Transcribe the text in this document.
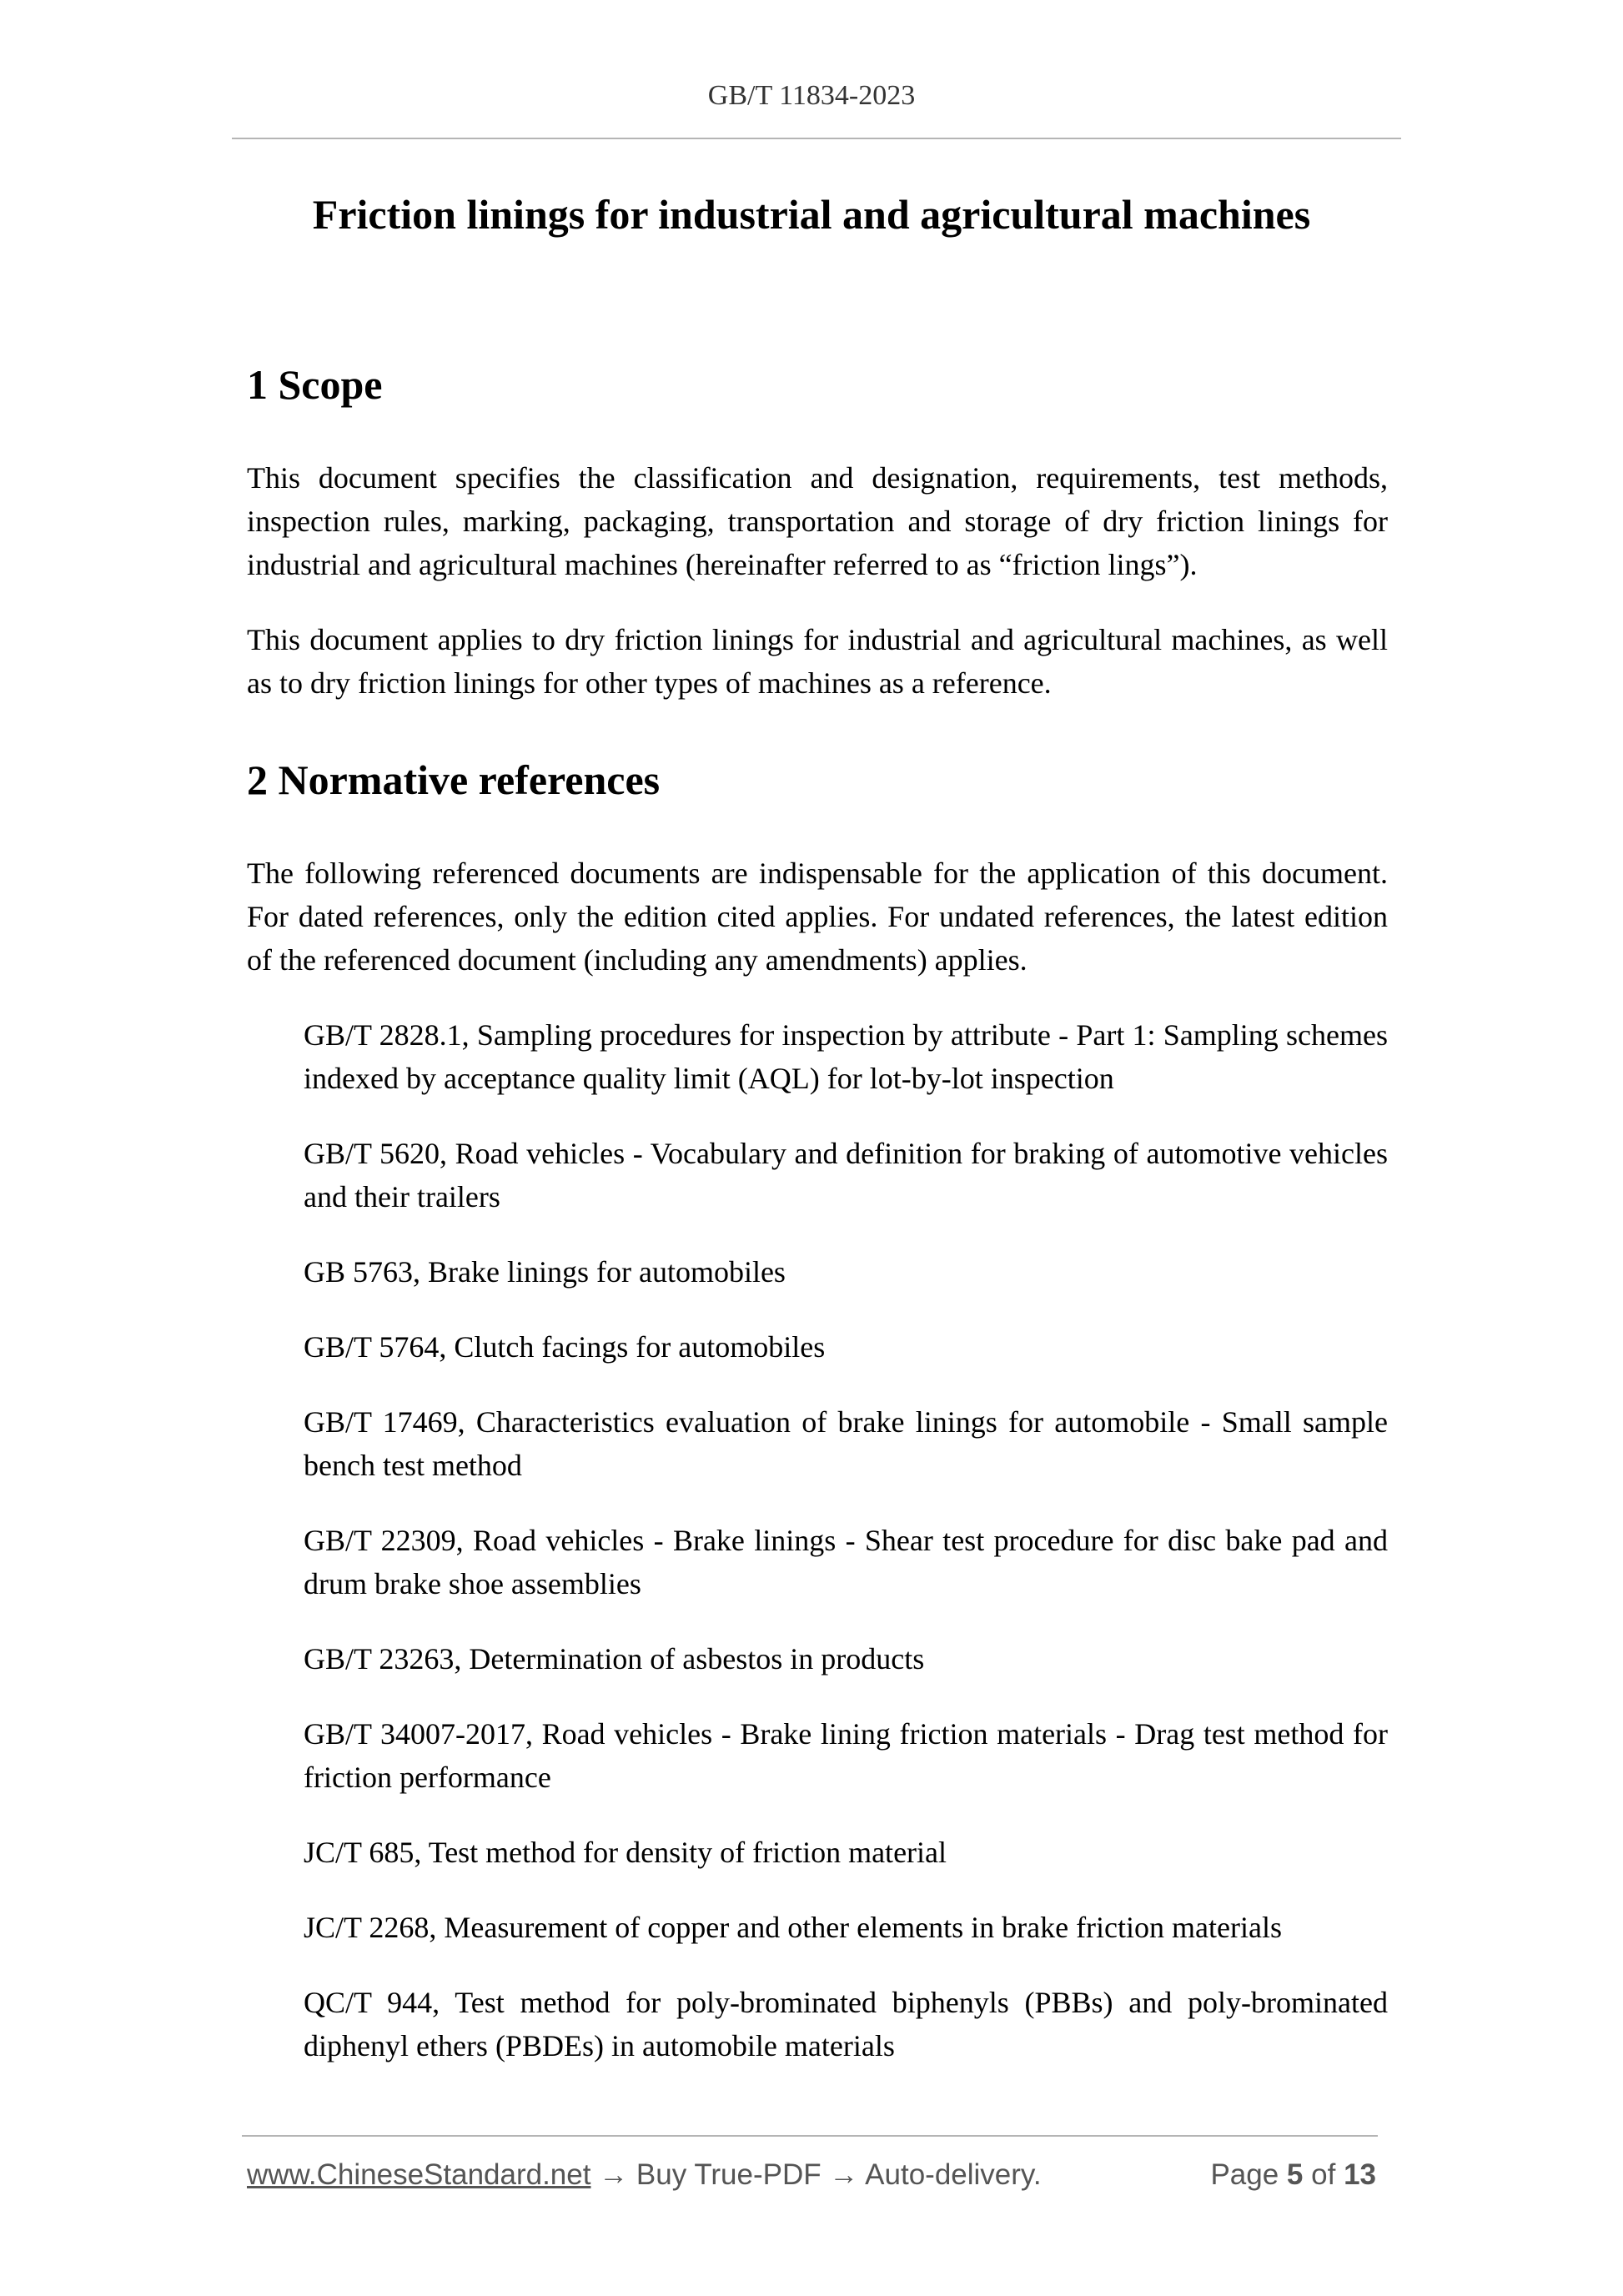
GB/T 11834-2023
Friction linings for industrial and agricultural machines
1 Scope

This document specifies the classification and designation, requirements, test methods, inspection rules, marking, packaging, transportation and storage of dry friction linings for industrial and agricultural machines (hereinafter referred to as “friction lings”).

This document applies to dry friction linings for industrial and agricultural machines, as well as to dry friction linings for other types of machines as a reference.

2 Normative references

The following referenced documents are indispensable for the application of this document. For dated references, only the edition cited applies. For undated references, the latest edition of the referenced document (including any amendments) applies.

GB/T 2828.1, Sampling procedures for inspection by attribute - Part 1: Sampling schemes indexed by acceptance quality limit (AQL) for lot-by-lot inspection
GB/T 5620, Road vehicles - Vocabulary and definition for braking of automotive vehicles and their trailers
GB 5763, Brake linings for automobiles
GB/T 5764, Clutch facings for automobiles
GB/T 17469, Characteristics evaluation of brake linings for automobile - Small sample bench test method
GB/T 22309, Road vehicles - Brake linings - Shear test procedure for disc bake pad and drum brake shoe assemblies
GB/T 23263, Determination of asbestos in products
GB/T 34007-2017, Road vehicles - Brake lining friction materials - Drag test method for friction performance
JC/T 685, Test method for density of friction material
JC/T 2268, Measurement of copper and other elements in brake friction materials
QC/T 944, Test method for poly-brominated biphenyls (PBBs) and poly-brominated diphenyl ethers (PBDEs) in automobile materials
www.ChineseStandard.net → Buy True-PDF → Auto-delivery.	Page 5 of 13
